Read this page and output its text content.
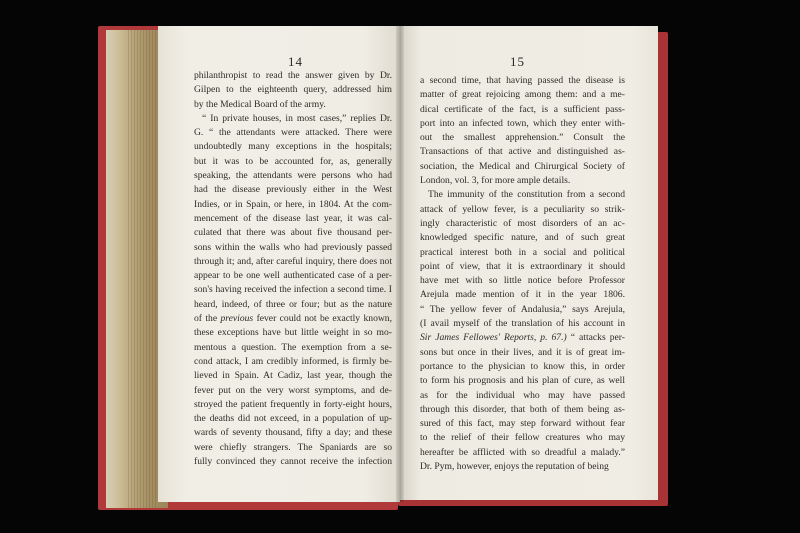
14
philanthropist to read the answer given by Dr.
Gilpen to the eighteenth query, addressed him
by the Medical Board of the army.
“ In private houses, in most cases,” replies Dr.
G. “ the attendants were attacked. There were
undoubtedly many exceptions in the hospitals;
but it was to be accounted for, as, generally
speaking, the attendants were persons who had
had the disease previously either in the West
Indies, or in Spain, or here, in 1804. At the com-
mencement of the disease last year, it was cal-
culated that there was about five thousand per-
sons within the walls who had previously passed
through it; and, after careful inquiry, there does not
appear to be one well authenticated case of a per-
son's having received the infection a second time. I
heard, indeed, of three or four; but as the nature
of the previous fever could not be exactly known,
these exceptions have but little weight in so mo-
mentous a question. The exemption from a se-
cond attack, I am credibly informed, is firmly be-
lieved in Spain. At Cadiz, last year, though the
fever put on the very worst symptoms, and de-
stroyed the patient frequently in forty-eight hours,
the deaths did not exceed, in a population of up-
wards of seventy thousand, fifty a day; and these
were chiefly strangers. The Spaniards are so
fully convinced they cannot receive the infection
15
a second time, that having passed the disease is
matter of great rejoicing among them: and a me-
dical certificate of the fact, is a sufficient pass-
port into an infected town, which they enter with-
out the smallest apprehension.” Consult the
Transactions of that active and distinguished as-
sociation, the Medical and Chirurgical Society of
London, vol. 3, for more ample details.
The immunity of the constitution from a second
attack of yellow fever, is a peculiarity so strik-
ingly characteristic of most disorders of an ac-
knowledged specific nature, and of such great
practical interest both in a social and political
point of view, that it is extraordinary it should
have met with so little notice before Professor
Arejula made mention of it in the year 1806.
“ The yellow fever of Andalusia,” says Arejula,
(I avail myself of the translation of his account in
Sir James Fellowes' Reports, p. 67.) “ attacks per-
sons but once in their lives, and it is of great im-
portance to the physician to know this, in order
to form his prognosis and his plan of cure, as well
as for the individual who may have passed
through this disorder, that both of them being as-
sured of this fact, may step forward without fear
to the relief of their fellow creatures who may
hereafter be afflicted with so dreadful a malady.”
Dr. Pym, however, enjoys the reputation of being
